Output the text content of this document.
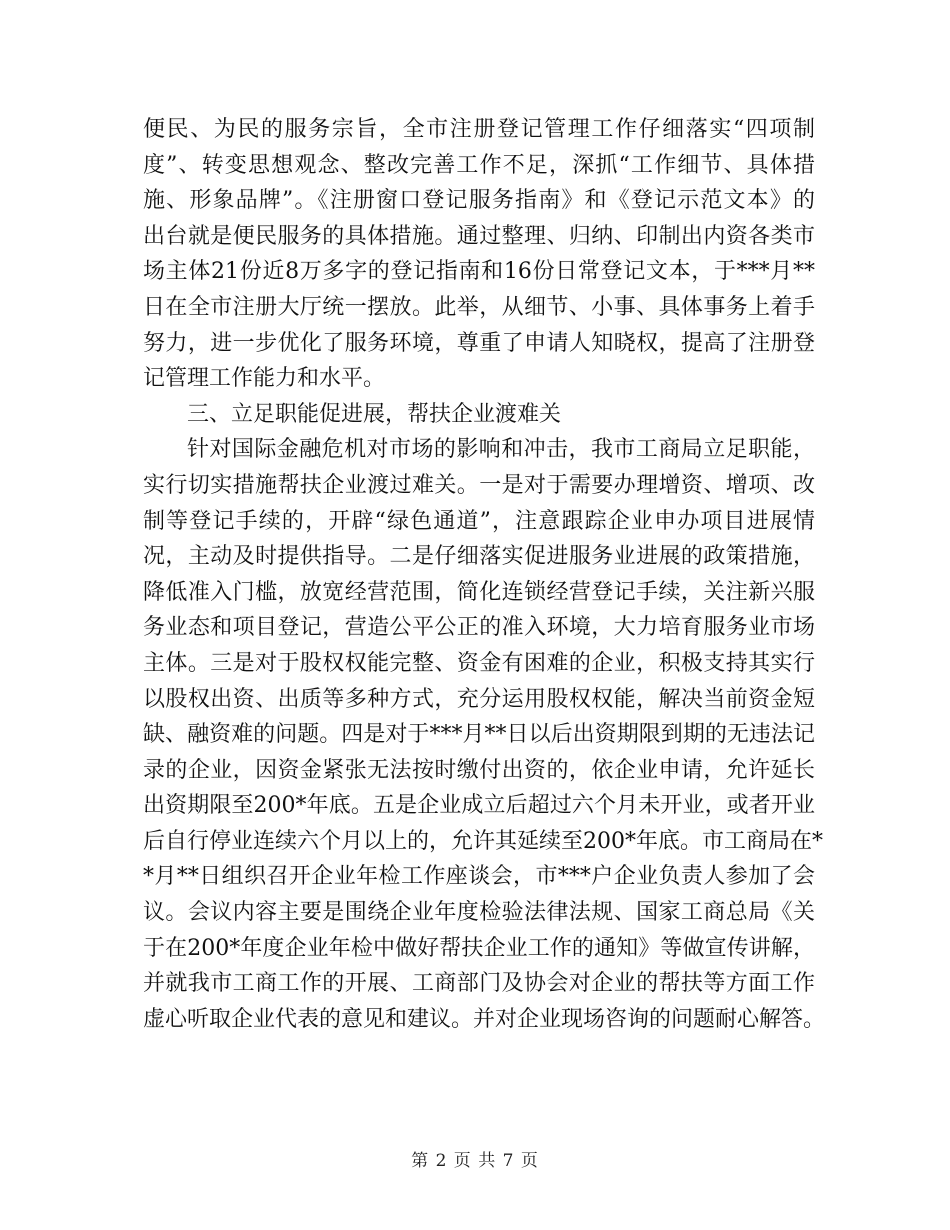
便民、为民的服务宗旨，全市注册登记管理工作仔细落实“四项制
度”、转变思想观念、整改完善工作不足，深抓“工作细节、具体措
施、形象品牌”。《注册窗口登记服务指南》和《登记示范文本》的
出台就是便民服务的具体措施。通过整理、归纳、印制出内资各类市
场主体21份近8万多字的登记指南和16份日常登记文本，于***月**
日在全市注册大厅统一摆放。此举，从细节、小事、具体事务上着手
努力，进一步优化了服务环境，尊重了申请人知晓权，提高了注册登
记管理工作能力和水平。
三、立足职能促进展，帮扶企业渡难关
针对国际金融危机对市场的影响和冲击，我市工商局立足职能，
实行切实措施帮扶企业渡过难关。一是对于需要办理增资、增项、改
制等登记手续的，开辟“绿色通道”，注意跟踪企业申办项目进展情
况，主动及时提供指导。二是仔细落实促进服务业进展的政策措施，
降低准入门槛，放宽经营范围，简化连锁经营登记手续，关注新兴服
务业态和项目登记，营造公平公正的准入环境，大力培育服务业市场
主体。三是对于股权权能完整、资金有困难的企业，积极支持其实行
以股权出资、出质等多种方式，充分运用股权权能，解决当前资金短
缺、融资难的问题。四是对于***月**日以后出资期限到期的无违法记
录的企业，因资金紧张无法按时缴付出资的，依企业申请，允许延长
出资期限至200*年底。五是企业成立后超过六个月未开业，或者开业
后自行停业连续六个月以上的，允许其延续至200*年底。市工商局在*
*月**日组织召开企业年检工作座谈会，市***户企业负责人参加了会
议。会议内容主要是围绕企业年度检验法律法规、国家工商总局《关
于在200*年度企业年检中做好帮扶企业工作的通知》等做宣传讲解，
并就我市工商工作的开展、工商部门及协会对企业的帮扶等方面工作
虚心听取企业代表的意见和建议。并对企业现场咨询的问题耐心解答。
第 2 页 共 7 页
